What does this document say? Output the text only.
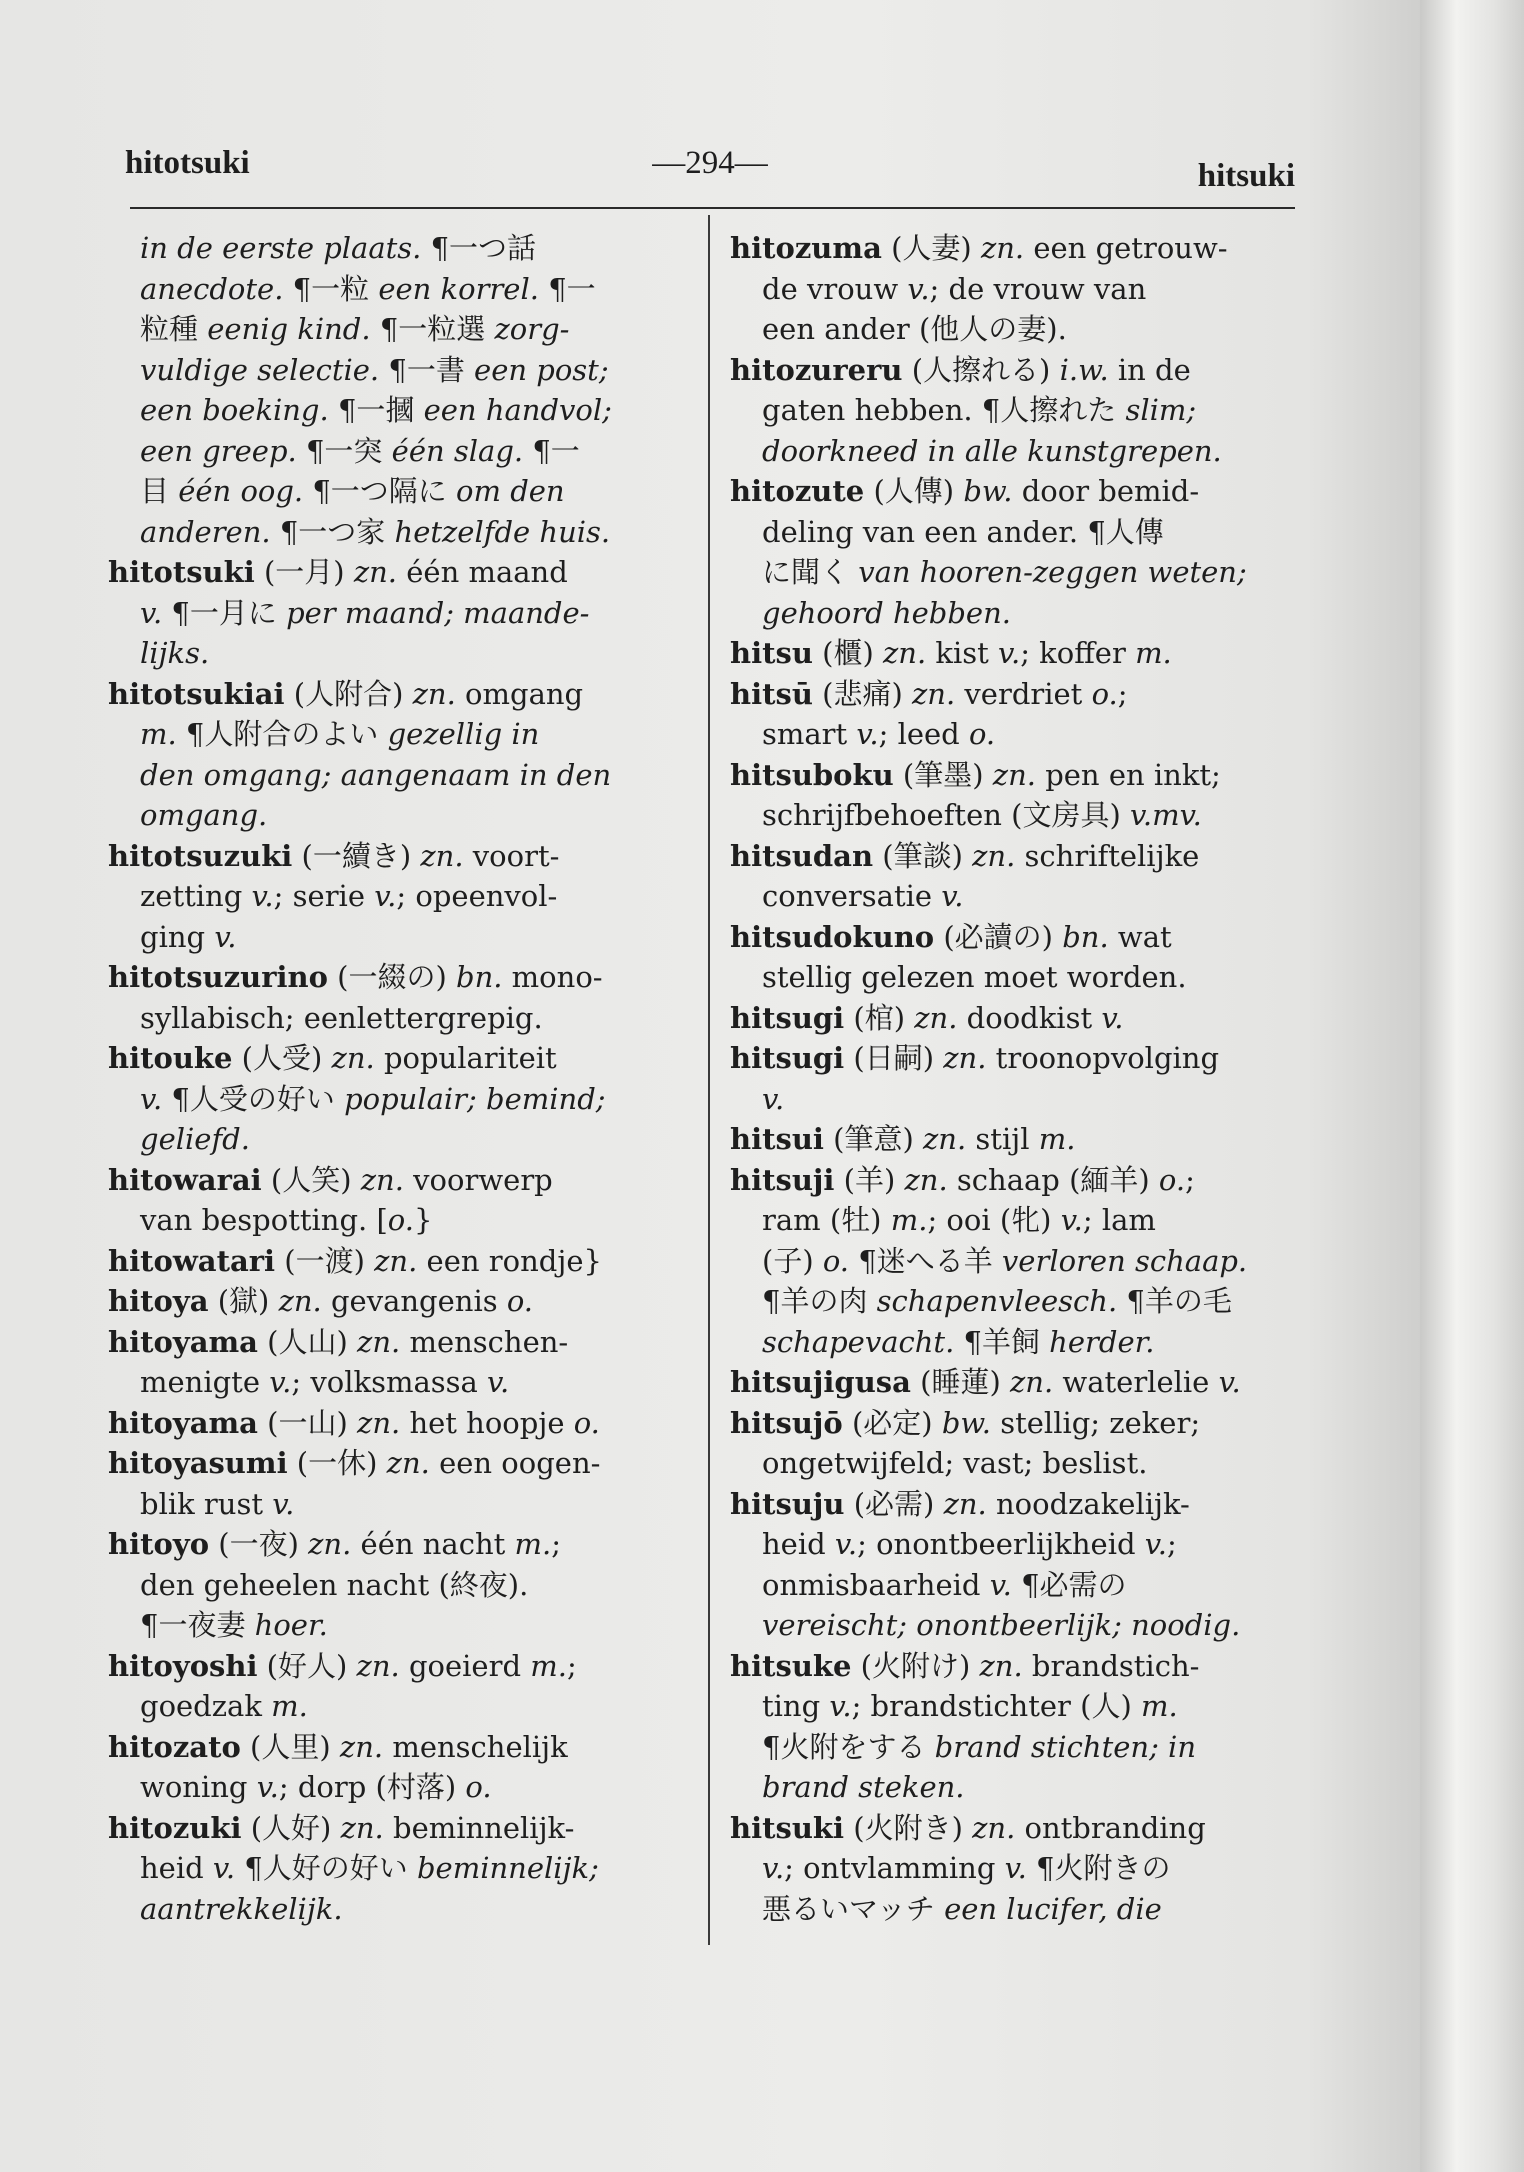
hitotsuki	—294—	hitsuki
in de eerste plaats. ¶一つ話
anecdote. ¶一粒 een korrel. ¶一
粒種 eenig kind. ¶一粒選 zorg-
vuldige selectie. ¶一書 een post;
een boeking. ¶一摑 een handvol;
een greep. ¶一突 één slag. ¶一
目 één oog. ¶一つ隔に om den
anderen. ¶一つ家 hetzelfde huis.
hitotsuki (一月) zn. één maand
v. ¶一月に per maand; maande-
lijks.
hitotsukiai (人附合) zn. omgang
m. ¶人附合のよい gezellig in
den omgang; aangenaam in den
omgang.
hitotsuzuki (一續き) zn. voort-
zetting v.; serie v.; opeenvol-
ging v.
hitotsuzurino (一綴の) bn. mono-
syllabisch; eenlettergrepig.
hitouke (人受) zn. populariteit
v. ¶人受の好い populair; bemind;
geliefd.
hitowarai (人笑) zn. voorwerp
van bespotting. [o.}
hitowatari (一渡) zn. een rondje}
hitoya (獄) zn. gevangenis o.
hitoyama (人山) zn. menschen-
menigte v.; volksmassa v.
hitoyama (一山) zn. het hoopje o.
hitoyasumi (一休) zn. een oogen-
blik rust v.
hitoyo (一夜) zn. één nacht m.;
den geheelen nacht (終夜).
¶一夜妻 hoer.
hitoyoshi (好人) zn. goeierd m.;
goedzak m.
hitozato (人里) zn. menschelijk
woning v.; dorp (村落) o.
hitozuki (人好) zn. beminnelijk-
heid v. ¶人好の好い beminnelijk;
aantrekkelijk.
hitozuma (人妻) zn. een getrouw-
de vrouw v.; de vrouw van
een ander (他人の妻).
hitozureru (人擦れる) i.w. in de
gaten hebben. ¶人擦れた slim;
doorkneed in alle kunstgrepen.
hitozute (人傳) bw. door bemid-
deling van een ander. ¶人傳
に聞く van hooren-zeggen weten;
gehoord hebben.
hitsu (櫃) zn. kist v.; koffer m.
hitsū (悲痛) zn. verdriet o.;
smart v.; leed o.
hitsuboku (筆墨) zn. pen en inkt;
schrijfbehoeften (文房具) v.mv.
hitsudan (筆談) zn. schriftelijke
conversatie v.
hitsudokuno (必讀の) bn. wat
stellig gelezen moet worden.
hitsugi (棺) zn. doodkist v.
hitsugi (日嗣) zn. troonopvolging
v.
hitsui (筆意) zn. stijl m.
hitsuji (羊) zn. schaap (緬羊) o.;
ram (牡) m.; ooi (牝) v.; lam
(子) o. ¶迷へる羊 verloren schaap.
¶羊の肉 schapenvleesch. ¶羊の毛
schapevacht. ¶羊飼 herder.
hitsujigusa (睡蓮) zn. waterlelie v.
hitsujō (必定) bw. stellig; zeker;
ongetwijfeld; vast; beslist.
hitsuju (必需) zn. noodzakelijk-
heid v.; onontbeerlijkheid v.;
onmisbaarheid v. ¶必需の
vereischt; onontbeerlijk; noodig.
hitsuke (火附け) zn. brandstich-
ting v.; brandstichter (人) m.
¶火附をする brand stichten; in
brand steken.
hitsuki (火附き) zn. ontbranding
v.; ontvlamming v. ¶火附きの
悪るいマッチ een lucifer, die
